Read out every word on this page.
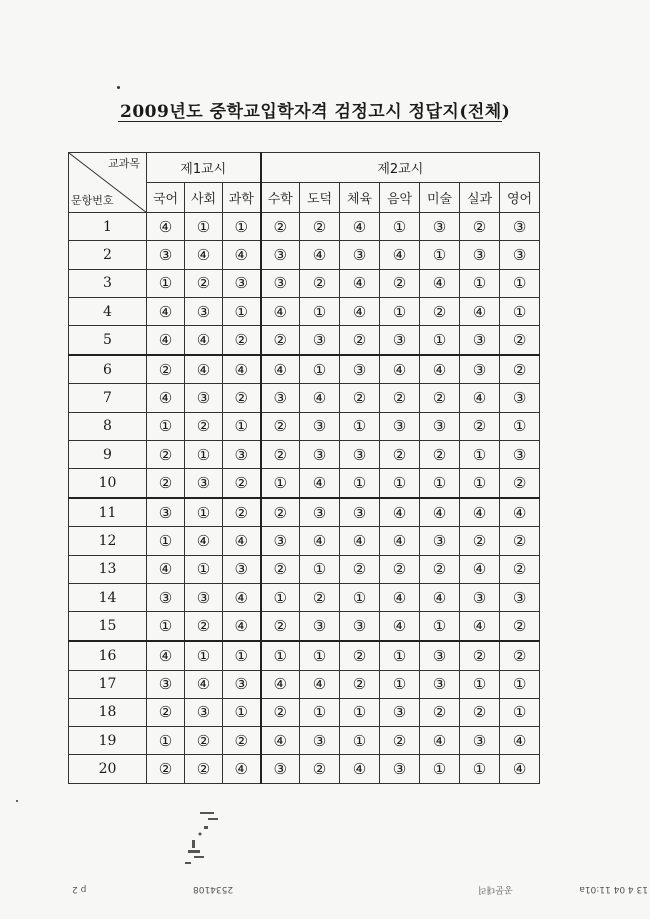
2009년도 중학교입학자격 검정고시 정답지(전체)
교과목
문항번호	제1교시			제2교시						
	국어	사회	과학	수학	도덕	체육	음악	미술	실과	영어
1	④	①	①	②	②	④	①	③	②	③
2	③	④	④	③	④	③	④	①	③	③
3	①	②	③	③	②	④	②	④	①	①
4	④	③	①	④	①	④	①	②	④	①
5	④	④	②	②	③	②	③	①	③	②
6	②	④	④	④	①	③	④	④	③	②
7	④	③	②	③	④	②	②	②	④	③
8	①	②	①	②	③	①	③	③	②	①
9	②	①	③	②	③	③	②	②	①	③
10	②	③	②	①	④	①	①	①	①	②
11	③	①	②	②	③	③	④	④	④	④
12	①	④	④	③	④	④	④	③	②	②
13	④	①	③	②	①	②	②	②	④	②
14	③	③	④	①	②	①	④	④	③	③
15	①	②	④	②	③	③	④	①	④	②
16	④	①	①	①	①	②	①	③	②	②
17	③	④	③	④	④	②	①	③	①	①
18	②	③	①	②	①	①	③	②	②	①
19	①	②	②	④	③	①	②	④	③	④
20	②	②	④	③	②	④	③	①	①	④
13 4 04 11:01a
공문대리
2534108
p 2
